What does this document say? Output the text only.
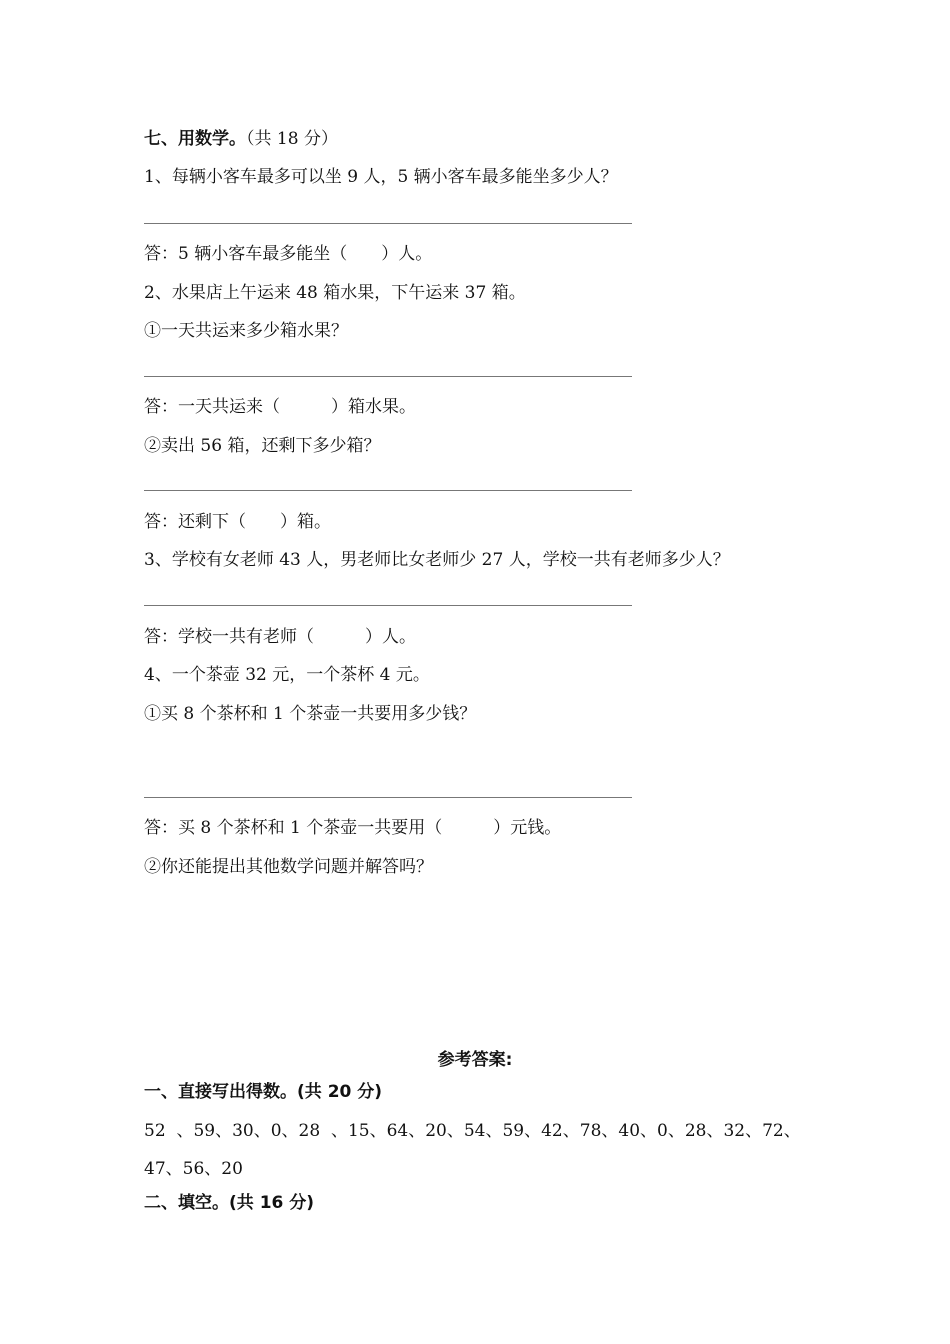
七、用数学。（共 18 分）
1、每辆小客车最多可以坐 9 人，5 辆小客车最多能坐多少人？
答：5 辆小客车最多能坐（　　）人。
2、水果店上午运来 48 箱水果，下午运来 37 箱。
①一天共运来多少箱水果？
答：一天共运来（　　　）箱水果。
②卖出 56 箱，还剩下多少箱？
答：还剩下（　　）箱。
3、学校有女老师 43 人，男老师比女老师少 27 人，学校一共有老师多少人？
答：学校一共有老师（　　　）人。
4、一个茶壶 32 元，一个茶杯 4 元。
①买 8 个茶杯和 1 个茶壶一共要用多少钱？
答：买 8 个茶杯和 1 个茶壶一共要用（　　　）元钱。
②你还能提出其他数学问题并解答吗？
参考答案:
一、直接写出得数。(共 20 分)
52  、59、30、0、28  、15、64、20、54、59、42、78、40、0、28、32、72、
47、56、20
二、填空。(共 16 分)
